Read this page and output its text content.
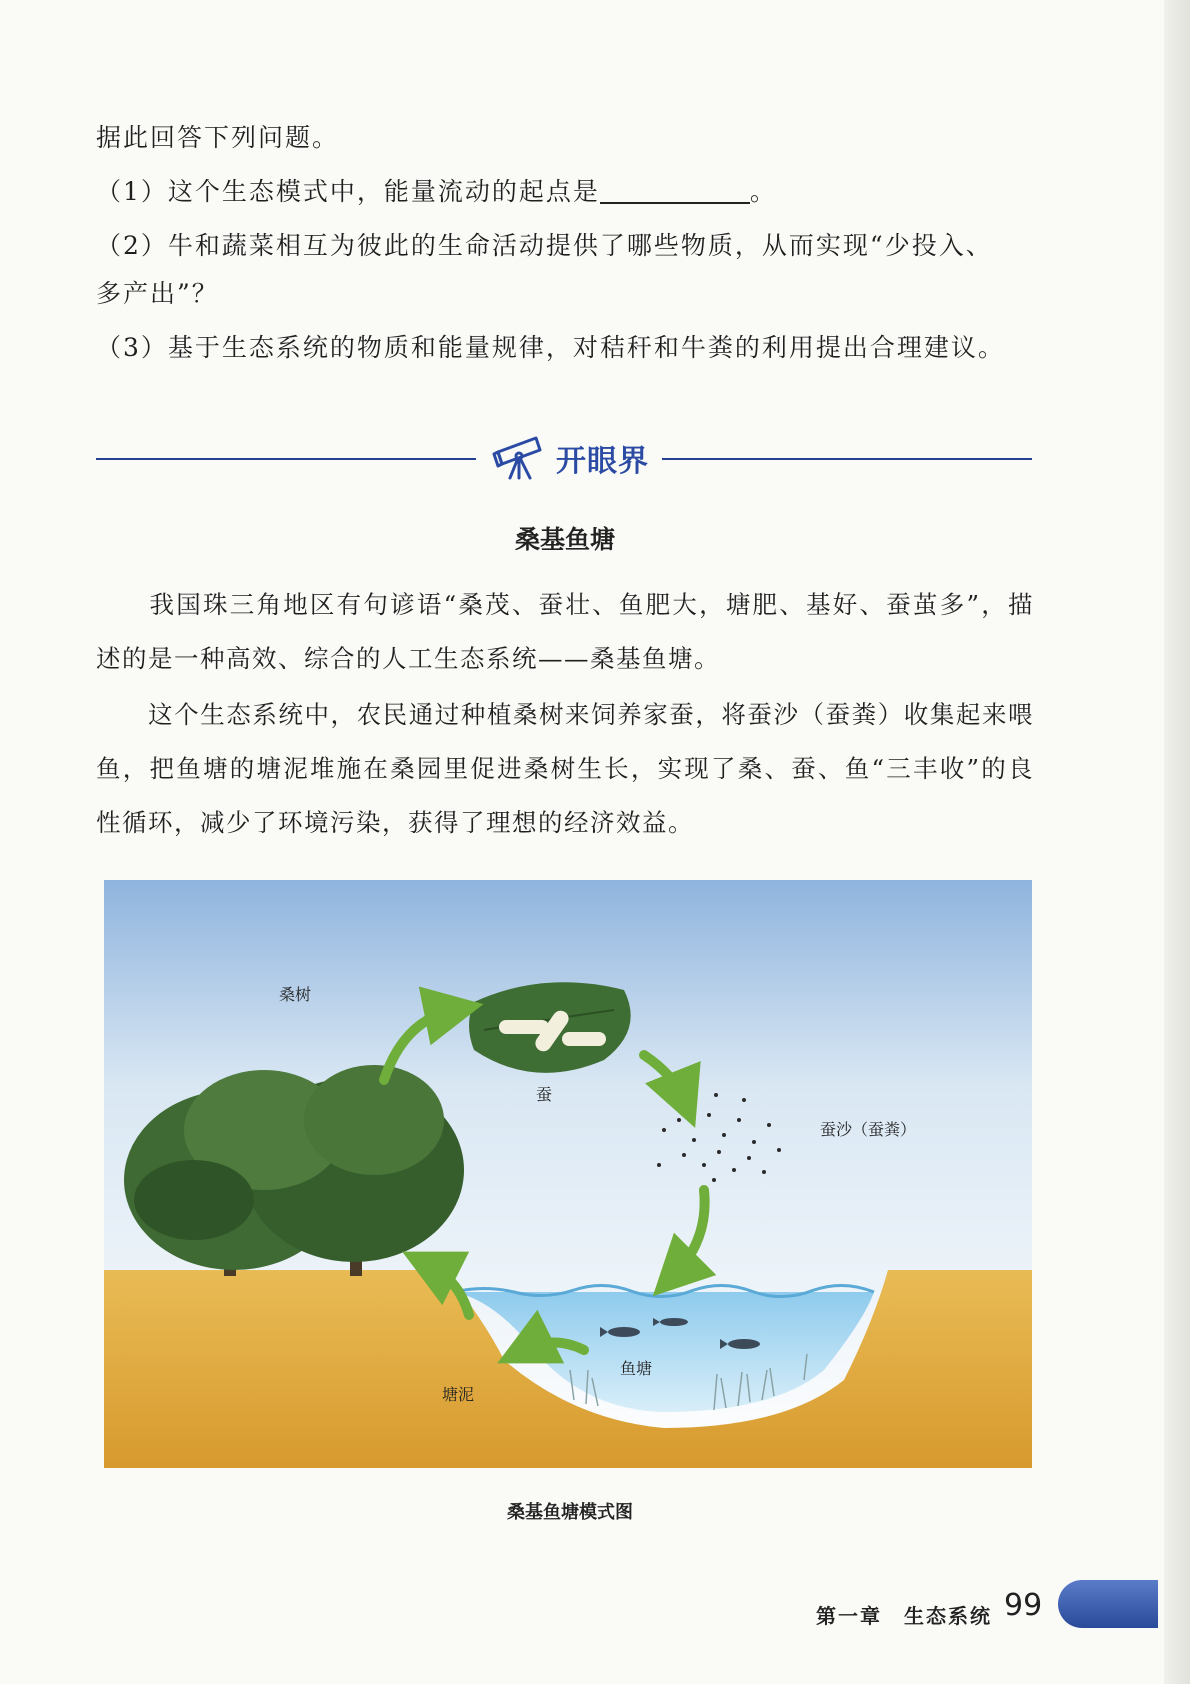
据此回答下列问题。
（1）这个生态模式中，能量流动的起点是	。
（2）牛和蔬菜相互为彼此的生命活动提供了哪些物质，从而实现“少投入、
多产出”？
（3）基于生态系统的物质和能量规律，对秸秆和牛粪的利用提出合理建议。
开眼界
桑基鱼塘
　　我国珠三角地区有句谚语“桑茂、蚕壮、鱼肥大，塘肥、基好、蚕茧多”，描述的是一种高效、综合的人工生态系统——桑基鱼塘。
　　这个生态系统中，农民通过种植桑树来饲养家蚕，将蚕沙（蚕粪）收集起来喂鱼，把鱼塘的塘泥堆施在桑园里促进桑树生长，实现了桑、蚕、鱼“三丰收”的良性循环，减少了环境污染，获得了理想的经济效益。
桑树
蚕
蚕沙（蚕粪）
鱼塘
塘泥
桑基鱼塘模式图
第一章　生态系统 99
